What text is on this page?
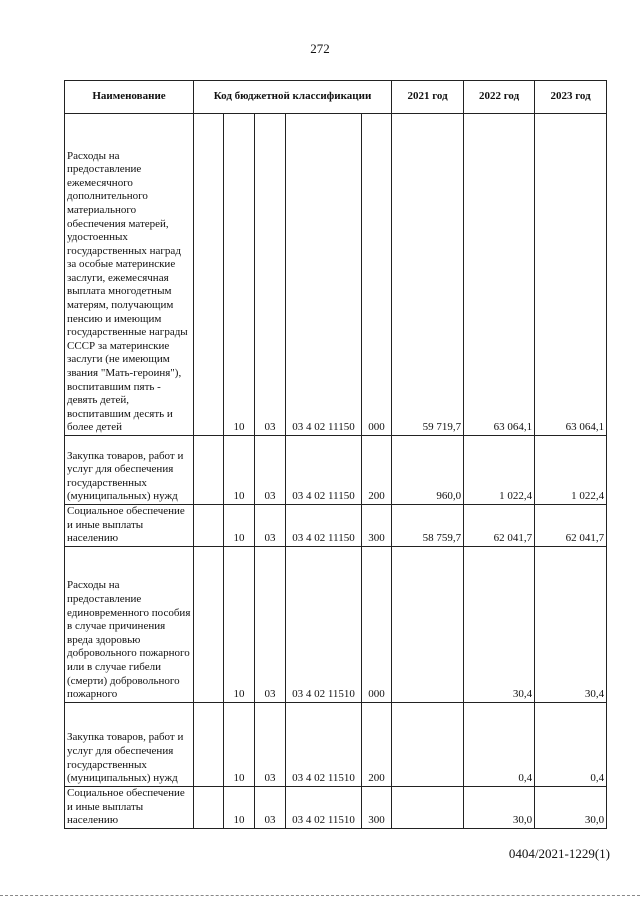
272
Наименование	Код бюджетной классификации					2021 год	2022 год	2023 год

Расходы на предоставление ежемесячного дополнительного материального обеспечения матерей, удостоенных государственных наград за особые материнские заслуги, ежемесячная выплата многодетным матерям, получающим пенсию и имеющим государственные награды СССР за материнские заслуги (не имеющим звания "Мать-героиня"), воспитавшим пять - девять детей, воспитавшим десять и более детей		10	03	03 4 02 11150	000	59 719,7	63 064,1	63 064,1

Закупка товаров, работ и услуг для обеспечения государственных (муниципальных) нужд		10	03	03 4 02 11150	200	960,0	1 022,4	1 022,4

Социальное обеспечение и иные выплаты населению		10	03	03 4 02 11150	300	58 759,7	62 041,7	62 041,7

Расходы на предоставление единовременного пособия в случае причинения вреда здоровью добровольного пожарного или в случае гибели (смерти) добровольного пожарного		10	03	03 4 02 11510	000		30,4	30,4

Закупка товаров, работ и услуг для обеспечения государственных (муниципальных) нужд		10	03	03 4 02 11510	200		0,4	0,4

Социальное обеспечение и иные выплаты населению		10	03	03 4 02 11510	300		30,0	30,0
0404/2021-1229(1)
